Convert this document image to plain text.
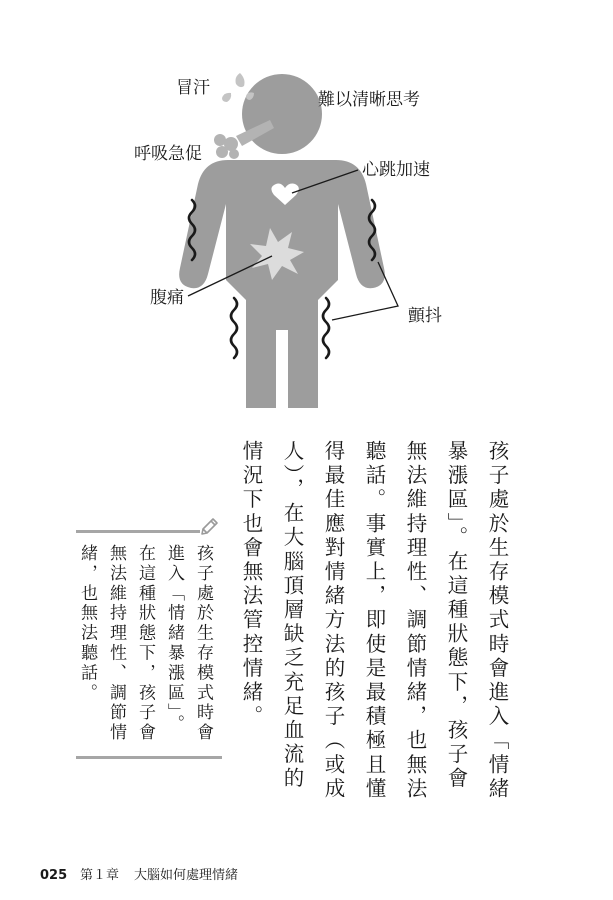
冒汗
難以清晰思考
呼吸急促
心跳加速
腹痛
顫抖
孩子處於生存模式時會進入「情緒
暴漲區」。在這種狀態下，孩子會
無法維持理性、調節情緒，也無法
聽話。事實上，即使是最積極且懂
得最佳應對情緒方法的孩子（或成
人），在大腦頂層缺乏充足血流的
情況下也會無法管控情緒。
孩子處於生存模式時會
進入「情緒暴漲區」。
在這種狀態下，孩子會
無法維持理性、調節情
緒，也無法聽話。
025 第１章 大腦如何處理情緒
